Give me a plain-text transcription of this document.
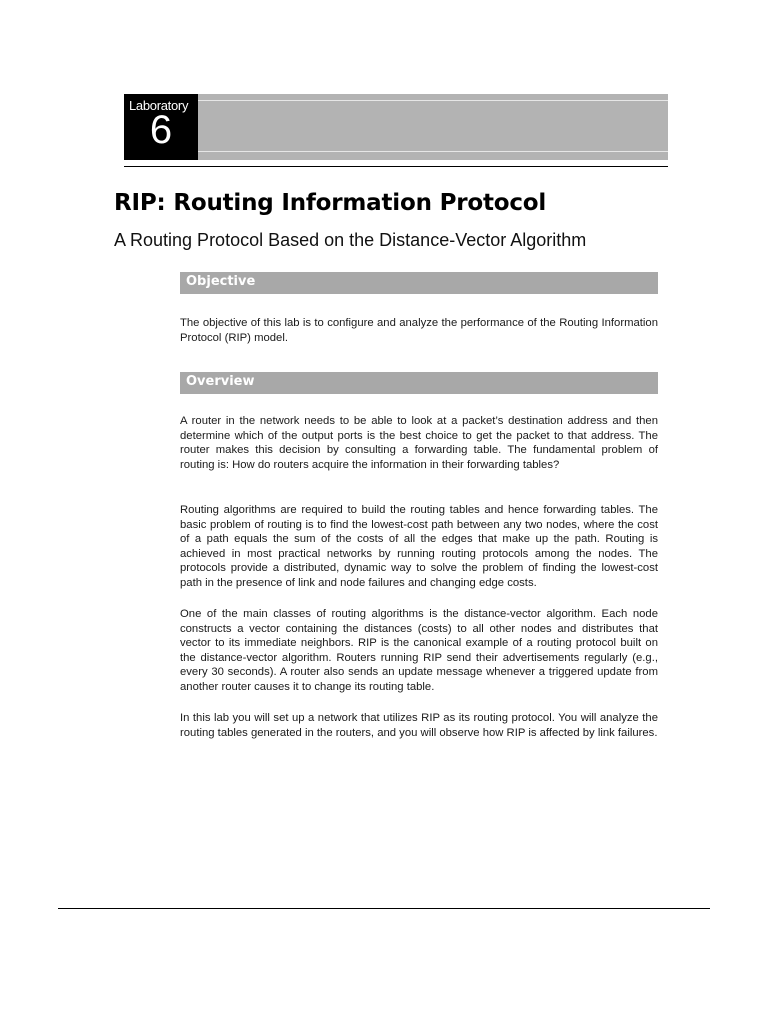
Laboratory
6
RIP: Routing Information Protocol
A Routing Protocol Based on the Distance-Vector Algorithm
Objective

The objective of this lab is to configure and analyze the performance of the Routing Information Protocol (RIP) model.

Overview

A router in the network needs to be able to look at a packet’s destination address and then determine which of the output ports is the best choice to get the packet to that address. The router makes this decision by consulting a forwarding table. The fundamental problem of routing is: How do routers acquire the information in their forwarding tables?

Routing algorithms are required to build the routing tables and hence forwarding tables. The basic problem of routing is to find the lowest-cost path between any two nodes, where the cost of a path equals the sum of the costs of all the edges that make up the path. Routing is achieved in most practical networks by running routing protocols among the nodes. The protocols provide a distributed, dynamic way to solve the problem of finding the lowest-cost path in the presence of link and node failures and changing edge costs.

One of the main classes of routing algorithms is the distance-vector algorithm. Each node constructs a vector containing the distances (costs) to all other nodes and distributes that vector to its immediate neighbors. RIP is the canonical example of a routing protocol built on the distance-vector algorithm. Routers running RIP send their advertisements regularly (e.g., every 30 seconds). A router also sends an update message whenever a triggered update from another router causes it to change its routing table.

In this lab you will set up a network that utilizes RIP as its routing protocol. You will analyze the routing tables generated in the routers, and you will observe how RIP is affected by link failures.
